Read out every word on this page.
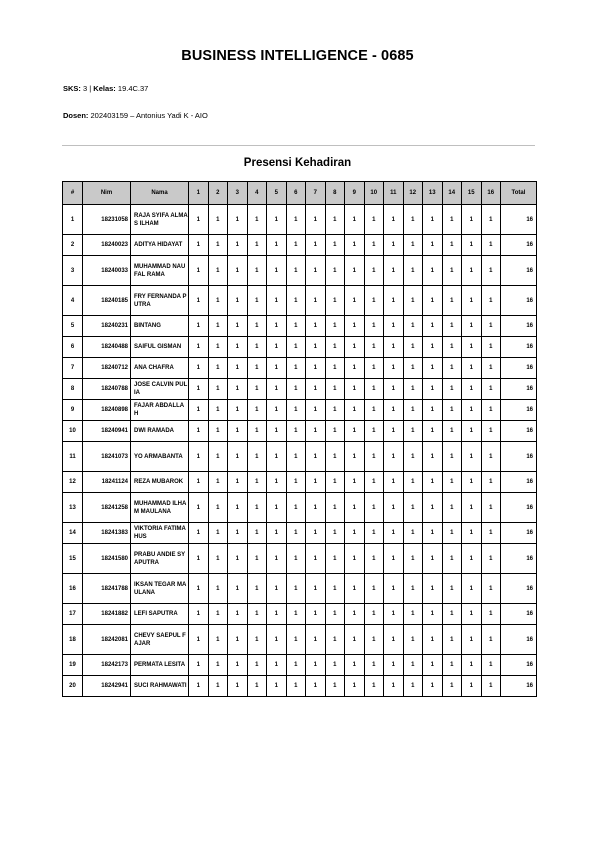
BUSINESS INTELLIGENCE - 0685
SKS: 3 | Kelas: 19.4C.37
Dosen: 202403159 – Antonius Yadi K - AIO
Presensi Kehadiran
#	Nim	Nama	1	2	3	4	5	6	7	8	9	10	11	12	13	14	15	16	Total
1	18231058	RAJA SYIFA ALMAS ILHAM	1	1	1	1	1	1	1	1	1	1	1	1	1	1	1	1	16
2	18240023	ADITYA HIDAYAT	1	1	1	1	1	1	1	1	1	1	1	1	1	1	1	1	16
3	18240033	MUHAMMAD NAUFAL RAMA	1	1	1	1	1	1	1	1	1	1	1	1	1	1	1	1	16
4	18240185	FRY FERNANDA PUTRA	1	1	1	1	1	1	1	1	1	1	1	1	1	1	1	1	16
5	18240231	BINTANG	1	1	1	1	1	1	1	1	1	1	1	1	1	1	1	1	16
6	18240488	SAIFUL GISMAN	1	1	1	1	1	1	1	1	1	1	1	1	1	1	1	1	16
7	18240712	ANA CHAFRA	1	1	1	1	1	1	1	1	1	1	1	1	1	1	1	1	16
8	18240788	JOSE CALVIN PULIA	1	1	1	1	1	1	1	1	1	1	1	1	1	1	1	1	16
9	18240898	FAJAR ABDALLAH	1	1	1	1	1	1	1	1	1	1	1	1	1	1	1	1	16
10	18240941	DWI RAMADA	1	1	1	1	1	1	1	1	1	1	1	1	1	1	1	1	16
11	18241073	YO ARMABANTA	1	1	1	1	1	1	1	1	1	1	1	1	1	1	1	1	16
12	18241124	REZA MUBAROK	1	1	1	1	1	1	1	1	1	1	1	1	1	1	1	1	16
13	18241258	MUHAMMAD ILHAM MAULANA	1	1	1	1	1	1	1	1	1	1	1	1	1	1	1	1	16
14	18241383	VIKTORIA FATIMA HUS	1	1	1	1	1	1	1	1	1	1	1	1	1	1	1	1	16
15	18241580	PRABU ANDIE SYAPUTRA	1	1	1	1	1	1	1	1	1	1	1	1	1	1	1	1	16
16	18241788	IKSAN TEGAR MAULANA	1	1	1	1	1	1	1	1	1	1	1	1	1	1	1	1	16
17	18241882	LEFI SAPUTRA	1	1	1	1	1	1	1	1	1	1	1	1	1	1	1	1	16
18	18242081	CHEVY SAEPUL FAJAR	1	1	1	1	1	1	1	1	1	1	1	1	1	1	1	1	16
19	18242173	PERMATA LESITA	1	1	1	1	1	1	1	1	1	1	1	1	1	1	1	1	16
20	18242941	SUCI RAHMAWATI	1	1	1	1	1	1	1	1	1	1	1	1	1	1	1	1	16
